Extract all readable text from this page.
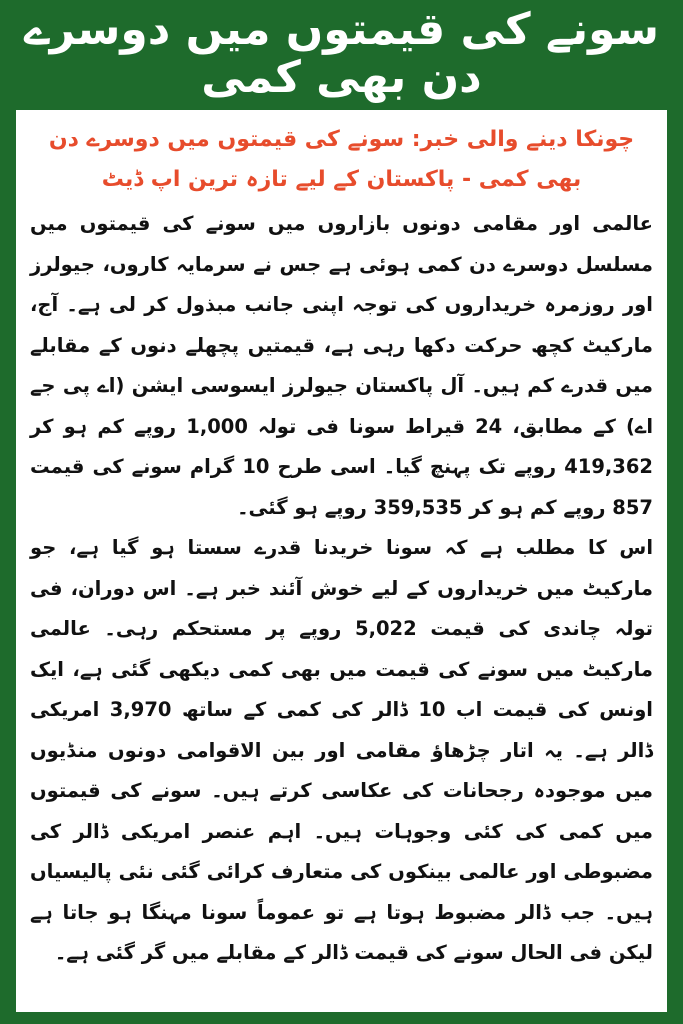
سونے کی قیمتوں میں دوسرے دن بھی کمی

چونکا دینے والی خبر: سونے کی قیمتوں میں دوسرے دن بھی کمی - پاکستان کے لیے تازہ ترین اپ ڈیٹ

عالمی اور مقامی دونوں بازاروں میں سونے کی قیمتوں میں مسلسل دوسرے دن کمی ہوئی ہے جس نے سرمایہ کاروں، جیولرز اور روزمرہ خریداروں کی توجہ اپنی جانب مبذول کر لی ہے۔ آج، مارکیٹ کچھ حرکت دکھا رہی ہے، قیمتیں پچھلے دنوں کے مقابلے میں قدرے کم ہیں۔ آل پاکستان جیولرز ایسوسی ایشن (اے پی جے اے) کے مطابق، 24 قیراط سونا فی تولہ 1,000 روپے کم ہو کر 419,362 روپے تک پہنچ گیا۔ اسی طرح 10 گرام سونے کی قیمت 857 روپے کم ہو کر 359,535 روپے ہو گئی۔

اس کا مطلب ہے کہ سونا خریدنا قدرے سستا ہو گیا ہے، جو مارکیٹ میں خریداروں کے لیے خوش آئند خبر ہے۔ اس دوران، فی تولہ چاندی کی قیمت 5,022 روپے پر مستحکم رہی۔ عالمی مارکیٹ میں سونے کی قیمت میں بھی کمی دیکھی گئی ہے، ایک اونس کی قیمت اب 10 ڈالر کی کمی کے ساتھ 3,970 امریکی ڈالر ہے۔ یہ اتار چڑھاؤ مقامی اور بین الاقوامی دونوں منڈیوں میں موجودہ رجحانات کی عکاسی کرتے ہیں۔ سونے کی قیمتوں میں کمی کی کئی وجوہات ہیں۔ اہم عنصر امریکی ڈالر کی مضبوطی اور عالمی بینکوں کی متعارف کرائی گئی نئی پالیسیاں ہیں۔ جب ڈالر مضبوط ہوتا ہے تو عموماً سونا مہنگا ہو جاتا ہے لیکن فی الحال سونے کی قیمت ڈالر کے مقابلے میں گر گئی ہے۔
